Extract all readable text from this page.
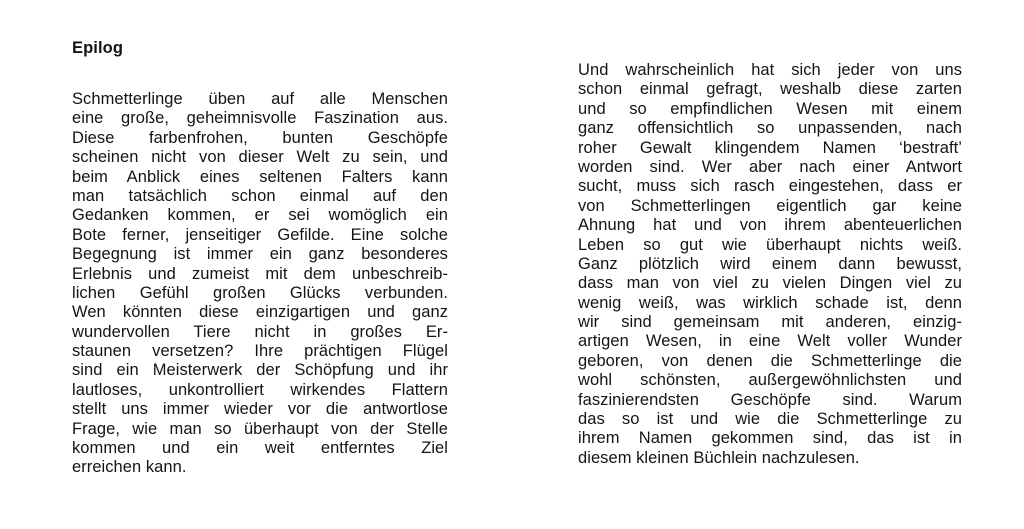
Epilog
Schmetterlinge üben auf alle Menschen
eine große, geheimnisvolle Faszination aus.
Diese farbenfrohen, bunten Geschöpfe
scheinen nicht von dieser Welt zu sein, und
beim Anblick eines seltenen Falters kann
man tatsächlich schon einmal auf den
Gedanken kommen, er sei womöglich ein
Bote ferner, jenseitiger Gefilde. Eine solche
Begegnung ist immer ein ganz besonderes
Erlebnis und zumeist mit dem unbeschreib-
lichen Gefühl großen Glücks verbunden.
Wen könnten diese einzigartigen und ganz
wundervollen Tiere nicht in großes Er-
staunen versetzen? Ihre prächtigen Flügel
sind ein Meisterwerk der Schöpfung und ihr
lautloses, unkontrolliert wirkendes Flattern
stellt uns immer wieder vor die antwortlose
Frage, wie man so überhaupt von der Stelle
kommen und ein weit entferntes Ziel
erreichen kann.
Und wahrscheinlich hat sich jeder von uns
schon einmal gefragt, weshalb diese zarten
und so empfindlichen Wesen mit einem
ganz offensichtlich so unpassenden, nach
roher Gewalt klingendem Namen ‘bestraft’
worden sind. Wer aber nach einer Antwort
sucht, muss sich rasch eingestehen, dass er
von Schmetterlingen eigentlich gar keine
Ahnung hat und von ihrem abenteuerlichen
Leben so gut wie überhaupt nichts weiß.
Ganz plötzlich wird einem dann bewusst,
dass man von viel zu vielen Dingen viel zu
wenig weiß, was wirklich schade ist, denn
wir sind gemeinsam mit anderen, einzig-
artigen Wesen, in eine Welt voller Wunder
geboren, von denen die Schmetterlinge die
wohl schönsten, außergewöhnlichsten und
faszinierendsten Geschöpfe sind. Warum
das so ist und wie die Schmetterlinge zu
ihrem Namen gekommen sind, das ist in
diesem kleinen Büchlein nachzulesen.
